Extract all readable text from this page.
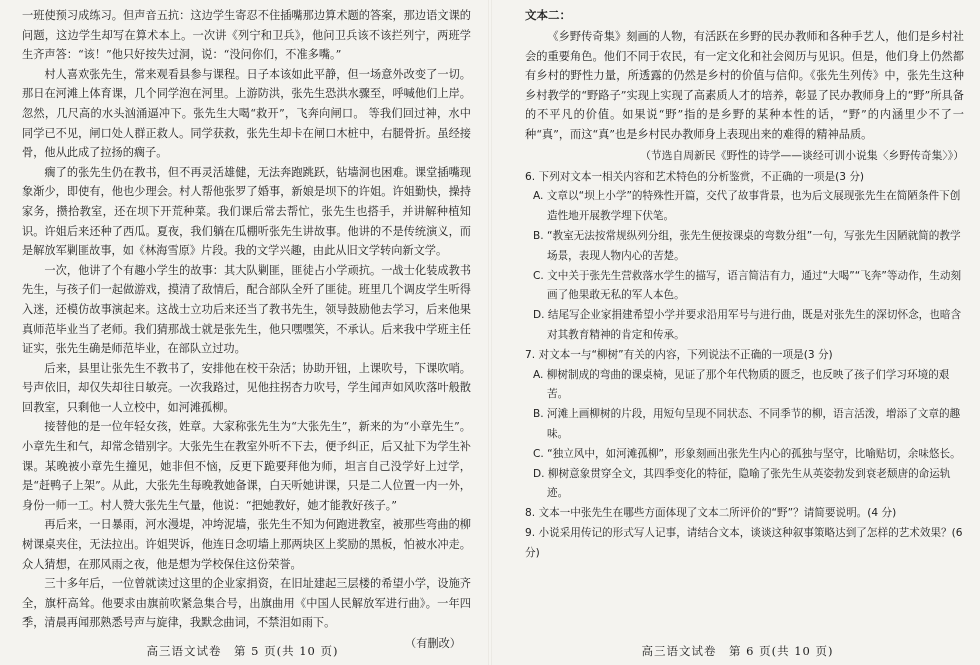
一班使预习成练习。但声音五抗：这边学生寄忍不住插嘴那边算术题的答案，那边语文课的问题，这边学生却写在算术本上。一次讲《列宁和卫兵》，他问卫兵该不该拦列宁，两班学生齐声答：“该！”他只好按失过洞，说：“没问你们，不准多嘴。”

村人喜欢张先生，常来观看县参与课程。日子本该如此平静，但一场意外改变了一切。那日在河滩上体育课，几个同学泡在河里。上游防洪，张先生恐洪水骤至，呼喊他们上岸。忽然，几尺高的水头汹涌逼冲下。张先生大喝“救开”，飞奔向闸口。 等我们回过神，水中同学已不见，闸口处人群正救人。同学获救，张先生却卡在闸口木桩中，右腿骨折。虽经接骨，他从此成了拉扬的瘸子。

瘸了的张先生仍在教书，但不再灵活雄健，无法奔跑跳跃，钻墙洞也困难。课堂插嘴现象渐少，即使有，他也少理会。村人帮他张罗了婚事，新娘是坝下的许姐。许姐勤快，操持家务，攒拾教室，还在坝下开荒种菜。我们课后常去帮忙，张先生也搭手，并讲解种植知识。许姐后来还种了西瓜。夏夜，我们躺在瓜棚听张先生讲故事。他讲的不是传统演义，而是解放军剿匪故事，如《林海雪原》片段。我的文学兴趣，由此从旧文学转向新文学。

一次，他讲了个有趣小学生的故事：其大队剿匪，匪徒占小学顽抗。一战士化装成教书先生，与孩子们一起做游戏，摸清了敌情后，配合部队全歼了匪徒。班里几个调皮学生听得入迷，还模仿故事演起来。这战士立功后来还当了教书先生，领导鼓励他去学习，后来他果真师范毕业当了老师。我们猜那战士就是张先生，他只嘿嘿笑，不承认。后来我中学班主任证实，张先生确是师范毕业，在部队立过功。

后来，县里让张先生不教书了，安排他在校干杂活；协助开钮，上课吹号，下课吹哨。号声依旧，却仅失却往日敏亮。一次我路过，见他拄拐杏力吹号，学生闻声如风吹落叶般散回教室，只剩他一人立校中，如河滩孤柳。

接替他的是一位年轻女孩，姓章。大家称张先生为“大张先生”，新来的为“小章先生”。小章先生和气，却常念错别字。大张先生在教室外听不下去，便予纠正，后又扯下为学生补课。某晚被小章先生撞见，她非但不恼，反更下跪要拜他为师，坦言自己没学好上过学，是“赶鸭子上架”。从此，大张先生每晚教她备课，白天听她讲课，只是二人位置一内一外，身份一师一工。村人赞大张先生气量，他说：“把她教好，她才能教好孩子。”

再后来，一日暴雨，河水漫堤，冲垮泥墙，张先生不知为何跑进教室，被那些弯曲的柳树课桌夹住，无法拉出。许姐哭诉，他连日念叨墙上那两块区上奖励的黑板，怕被水冲走。众人猜想，在那风雨之夜，他是想为学校保住这份荣誉。

三十多年后，一位曾就读过这里的企业家捐资，在旧址建起三层楼的希望小学，设施齐全，旗杆高耸。他要求由旗前吹紧急集合号，出旗曲用《中国人民解放军进行曲》。一年四季，清晨再闻那熟悉号声与旋律，我默念曲词，不禁泪如雨下。

（有删改）

高三语文试卷　第 5 页(共 10 页)

文本二：

《乡野传奇集》刻画的人物，有活跃在乡野的民办教师和各种手艺人，他们是乡村社会的重要角色。他们不同于农民，有一定文化和社会阅历与见识。但是，他们身上仍然都有乡村的野性力量，所透露的仍然是乡村的价值与信仰。《张先生列传》中，张先生这种乡村教学的“野路子”实现上实现了高素质人才的培养，彰显了民办教师身上的“野”所具备的不平凡的价值。如果说“野”指的是乡野的某种本性的话，“野”的内涵里少不了一种“真”，而这“真”也是乡村民办教师身上表现出来的难得的精神品质。

（节选自周新民《野性的诗学——谈经可训小说集〈乡野传奇集〉》）

6. 下列对文本一相关内容和艺术特色的分析鉴赏，不正确的一项是(3 分)

A. 文章以“坝上小学”的特殊性开篇，交代了故事背景，也为后文展现张先生在简陋条件下创造性地开展教学埋下伏笔。

B. “教室无法按常规纵列分组，张先生便按课桌的弯数分组”一句，写张先生因陋就简的教学场景，表现人物内心的苦楚。

C. 文中关于张先生营救落水学生的描写，语言简洁有力，通过“大喝”“飞奔”等动作，生动刻画了他果敢无私的军人本色。

D. 结尾写企业家捐建希望小学并要求沿用军号与进行曲，既是对张先生的深切怀念，也暗含对其教育精神的肯定和传承。

7. 对文本一与“柳树”有关的内容，下列说法不正确的一项是(3 分)

A. 柳树制成的弯曲的课桌椅，见证了那个年代物质的匮乏，也反映了孩子们学习环境的艰苦。

B. 河滩上画柳树的片段，用短句呈现不同状态、不同季节的柳，语言活泼，增添了文章的趣味。

C. “独立风中，如河滩孤柳”，形象刻画出张先生内心的孤独与坚守，比喻贴切，余味悠长。

D. 柳树意象贯穿全文，其四季变化的特征，隐喻了张先生从英姿勃发到衰老颓唐的命运轨迹。

8. 文本一中张先生在哪些方面体现了文本二所评价的“野”？请简要说明。(4 分)

9. 小说采用传记的形式写人记事，请结合文本，谈谈这种叙事策略达到了怎样的艺术效果？(6 分)

高三语文试卷　第 6 页(共 10 页)
